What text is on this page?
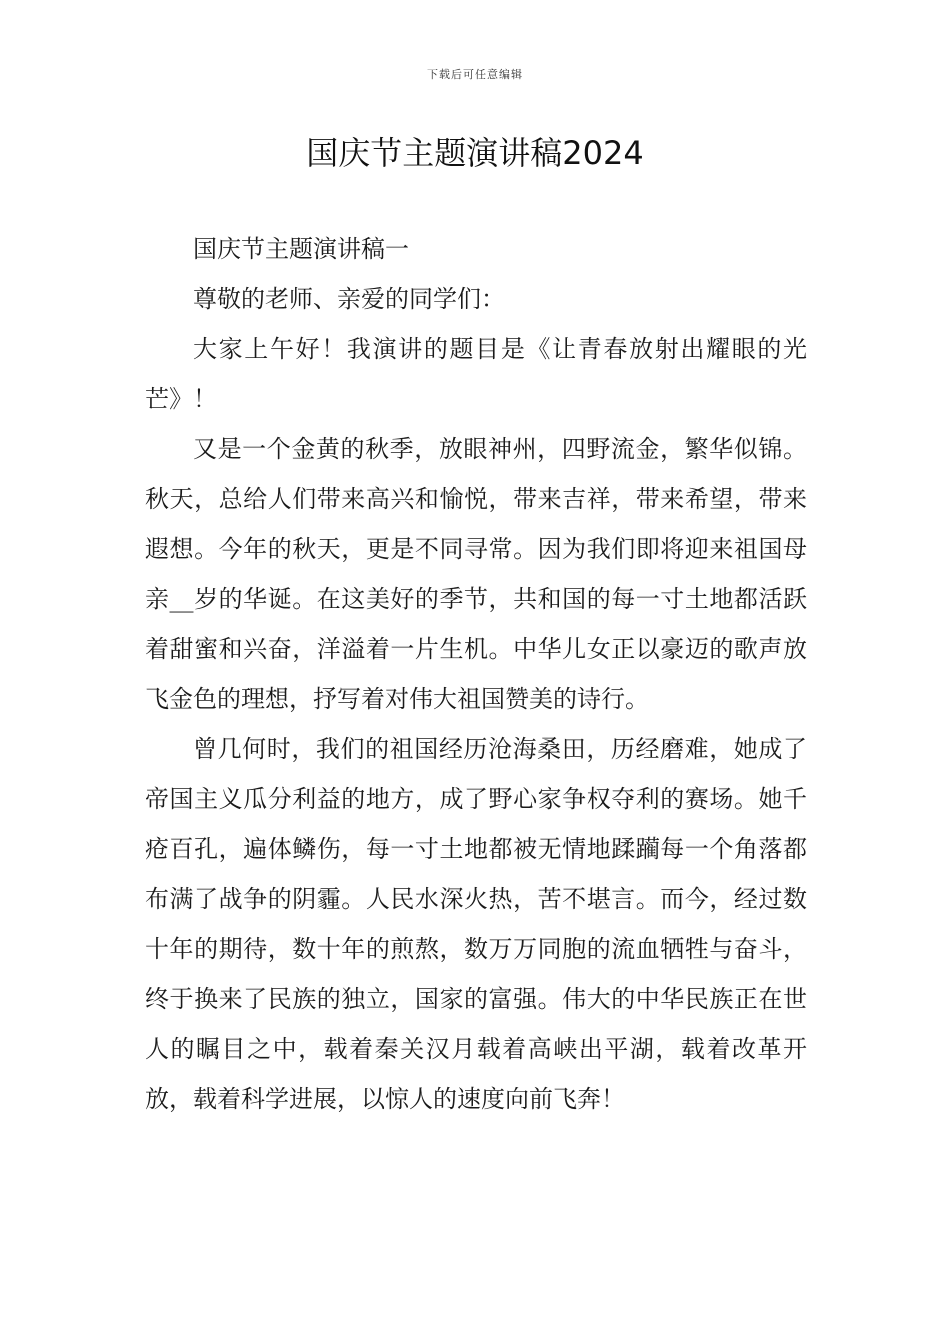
下载后可任意编辑
国庆节主题演讲稿2024

国庆节主题演讲稿一

尊敬的老师、亲爱的同学们：

大家上午好！我演讲的题目是《让青春放射出耀眼的光芒》！

又是一个金黄的秋季，放眼神州，四野流金，繁华似锦。秋天，总给人们带来高兴和愉悦，带来吉祥，带来希望，带来遐想。今年的秋天，更是不同寻常。因为我们即将迎来祖国母亲__岁的华诞。在这美好的季节，共和国的每一寸土地都活跃着甜蜜和兴奋，洋溢着一片生机。中华儿女正以豪迈的歌声放飞金色的理想，抒写着对伟大祖国赞美的诗行。

曾几何时，我们的祖国经历沧海桑田，历经磨难，她成了帝国主义瓜分利益的地方，成了野心家争权夺利的赛场。她千疮百孔，遍体鳞伤，每一寸土地都被无情地蹂躏每一个角落都布满了战争的阴霾。人民水深火热，苦不堪言。而今，经过数十年的期待，数十年的煎熬，数万万同胞的流血牺牲与奋斗，终于换来了民族的独立，国家的富强。伟大的中华民族正在世人的瞩目之中，载着秦关汉月载着高峡出平湖，载着改革开放，载着科学进展，以惊人的速度向前飞奔！
